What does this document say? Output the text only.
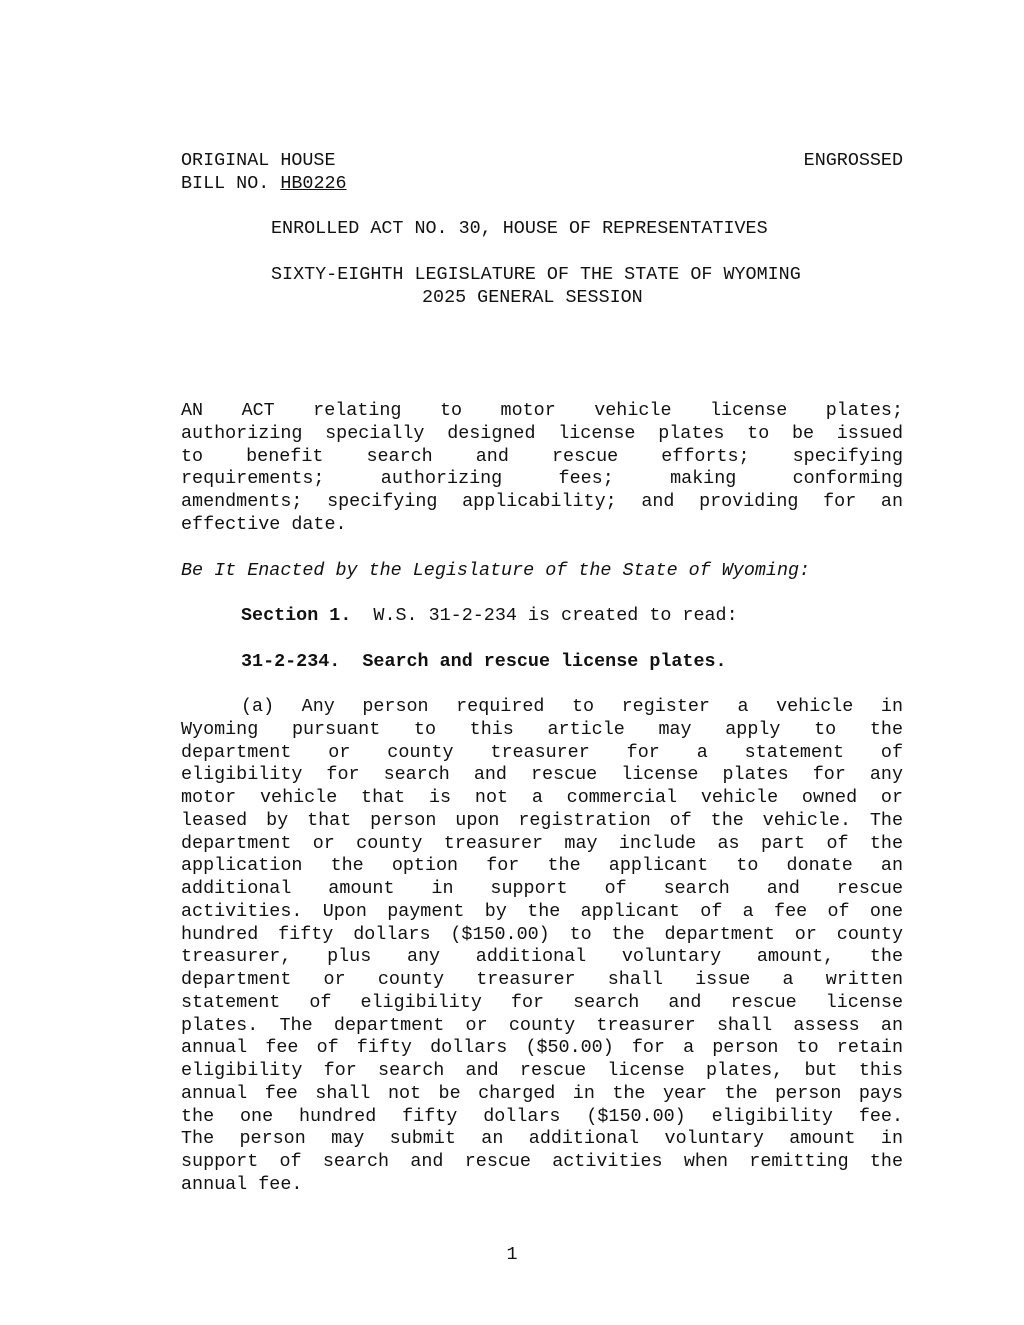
ORIGINAL HOUSE	ENGROSSED
BILL NO. HB0226
ENROLLED ACT NO. 30, HOUSE OF REPRESENTATIVES
SIXTY-EIGHTH LEGISLATURE OF THE STATE OF WYOMING
2025 GENERAL SESSION
AN ACT relating to motor vehicle license plates;
authorizing specially designed license plates to be issued
to benefit search and rescue efforts; specifying
requirements; authorizing fees; making conforming
amendments; specifying applicability; and providing for an
effective date.
Be It Enacted by the Legislature of the State of Wyoming:
Section 1. W.S. 31-2-234 is created to read:
31-2-234. Search and rescue license plates.
(a) Any person required to register a vehicle in
Wyoming pursuant to this article may apply to the
department or county treasurer for a statement of
eligibility for search and rescue license plates for any
motor vehicle that is not a commercial vehicle owned or
leased by that person upon registration of the vehicle. The
department or county treasurer may include as part of the
application the option for the applicant to donate an
additional amount in support of search and rescue
activities. Upon payment by the applicant of a fee of one
hundred fifty dollars ($150.00) to the department or county
treasurer, plus any additional voluntary amount, the
department or county treasurer shall issue a written
statement of eligibility for search and rescue license
plates. The department or county treasurer shall assess an
annual fee of fifty dollars ($50.00) for a person to retain
eligibility for search and rescue license plates, but this
annual fee shall not be charged in the year the person pays
the one hundred fifty dollars ($150.00) eligibility fee.
The person may submit an additional voluntary amount in
support of search and rescue activities when remitting the
annual fee.
1
